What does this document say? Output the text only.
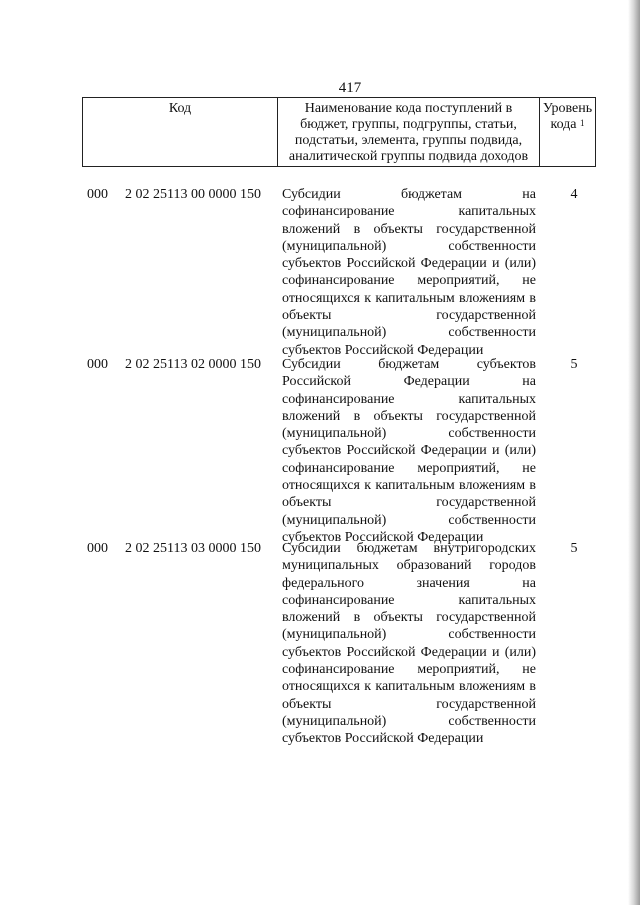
417
Код	Наименование кода поступлений в бюджет, группы, подгруппы, статьи, подстатьи, элемента, группы подвида, аналитической группы подвида доходов
Уровень кода $^1$
000 2 02 25113 00 0000 150 Субсидии бюджетам на софинансирование капитальных вложений в объекты государственной (муниципальной) собственности субъектов Российской Федерации и (или) софинансирование мероприятий, не относящихся к капитальным вложениям в объекты государственной (муниципальной) собственности субъектов Российской Федерации
4
000 2 02 25113 02 0000 150 Субсидии бюджетам субъектов Российской Федерации на софинансирование капитальных вложений в объекты государственной (муниципальной) собственности субъектов Российской Федерации и (или) софинансирование мероприятий, не относящихся к капитальным вложениям в объекты государственной (муниципальной) собственности субъектов Российской Федерации
5
000 2 02 25113 03 0000 150 Субсидии бюджетам внутригородских муниципальных образований городов федерального значения на софинансирование капитальных вложений в объекты государственной (муниципальной) собственности субъектов Российской Федерации и (или) софинансирование мероприятий, не относящихся к капитальным вложениям в объекты государственной (муниципальной) собственности субъектов Российской Федерации
5
